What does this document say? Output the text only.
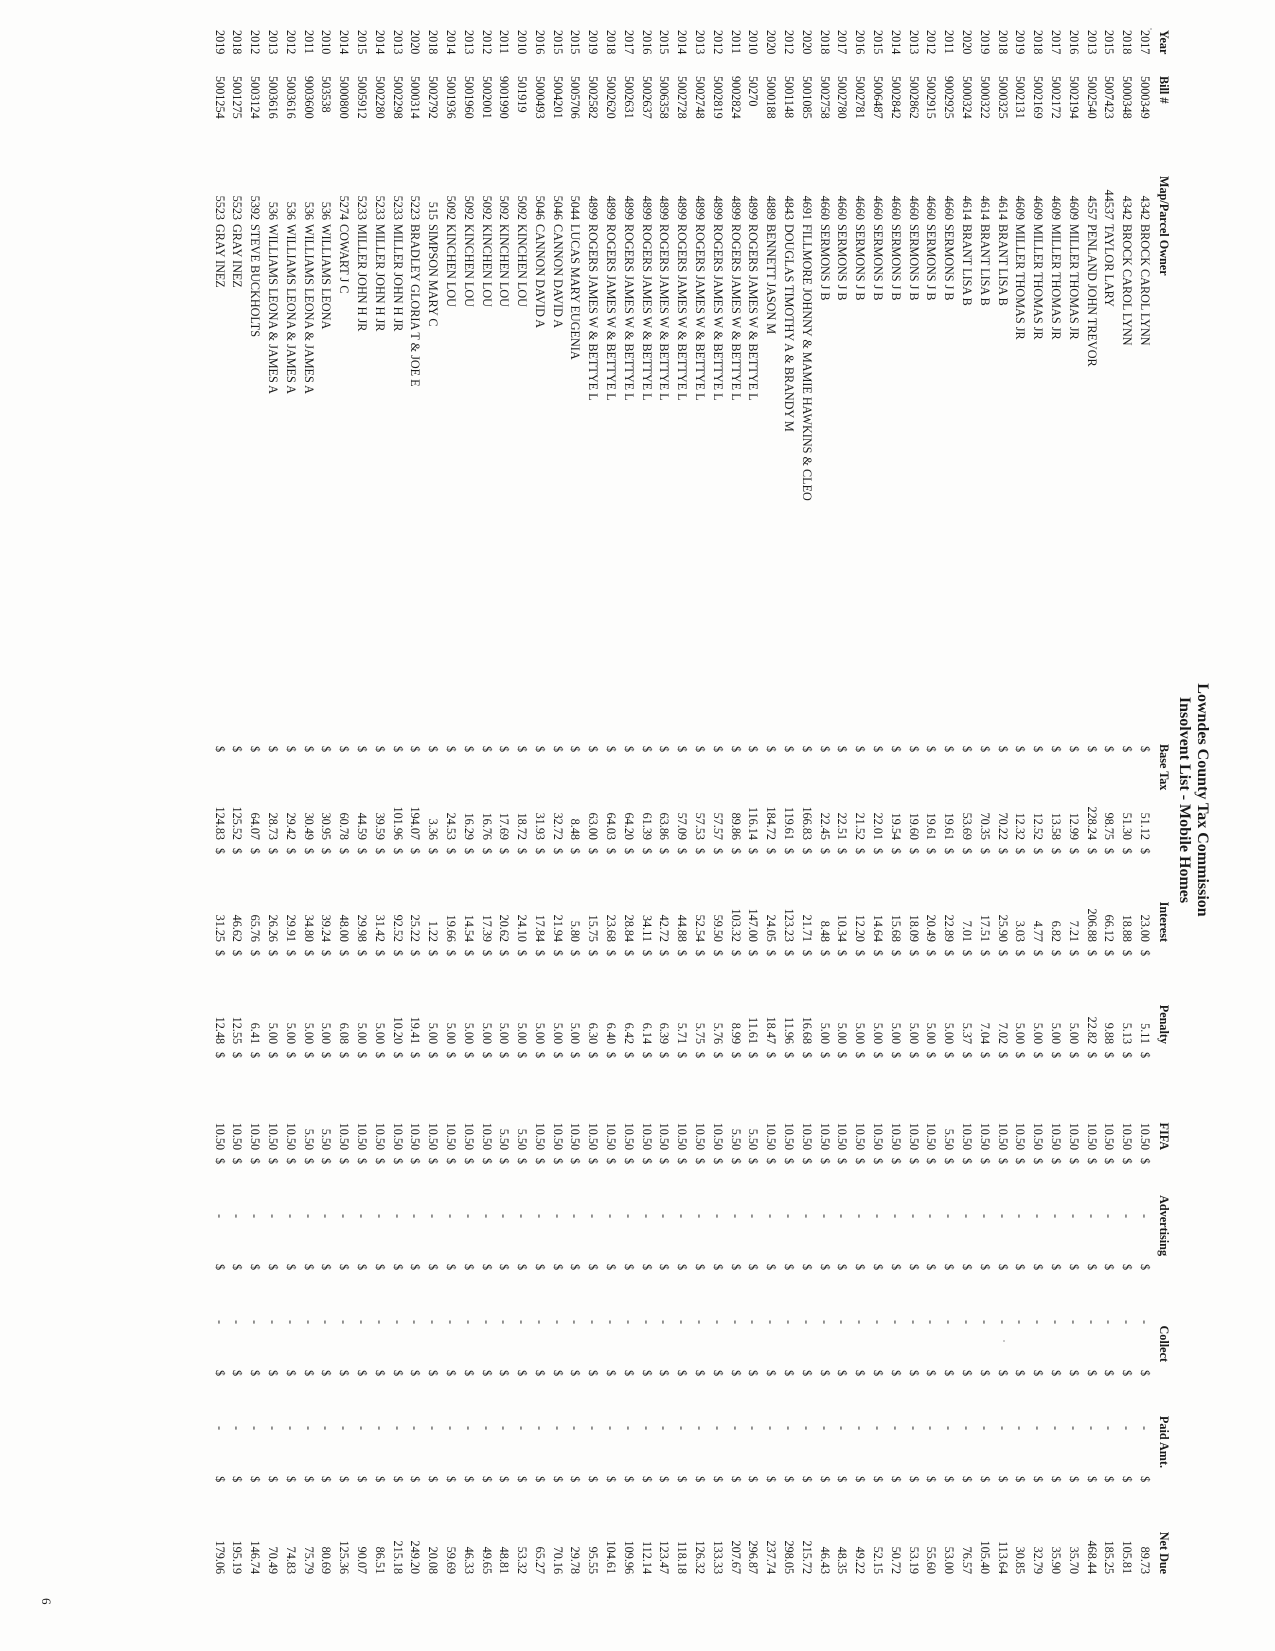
Lowndes County Tax Commission
Insolvent List - Mobile Homes
Year	Bill #	Map/Parcel Owner		Base Tax		Interest		Penalty		FIFA		Advertising		Collect		Paid Amt.		Net Due	
2017	5000349	4342	BROCK CAROL LYNN	$	51.12	$	23.00	$	5.11	$	10.50	$	-	$	-	$	-	$	89.73
2018	5000348	4342	BROCK CAROL LYNN	$	51.30	$	18.88	$	5.13	$	10.50	$	-	$	-	$	-	$	105.81
2015	5007423	44537	TAYLOR LARY	$	98.75	$	66.12	$	9.88	$	10.50	$	-	$	-	$	-	$	185.25
2013	5002540	4557	PENLAND JOHN TREVOR	$	228.24	$	206.88	$	22.82	$	10.50	$	-	$	-	$	-	$	468.44
2016	5002194	4609	MILLER THOMAS JR	$	12.99	$	7.21	$	5.00	$	10.50	$	-	$	-	$	-	$	35.70
2017	5002172	4609	MILLER THOMAS JR	$	13.58	$	6.82	$	5.00	$	10.50	$	-	$	-	$	-	$	35.90
2018	5002169	4609	MILLER THOMAS JR	$	12.52	$	4.77	$	5.00	$	10.50	$	-	$	-	$	-	$	32.79
2019	5002131	4609	MILLER THOMAS JR	$	12.32	$	3.03	$	5.00	$	10.50	$	-	$	-	$	-	$	30.85
2018	5000325	4614	BRANT LISA B	$	70.22	$	25.90	$	7.02	$	10.50	$	-	$	-	$	-	$	113.64
2019	5000322	4614	BRANT LISA B	$	70.35	$	17.51	$	7.04	$	10.50	$	-	$	-	$	-	$	105.40
2020	5000324	4614	BRANT LISA B	$	53.69	$	7.01	$	5.37	$	10.50	$	-	$	-	$	-	$	76.57
2011	9002925	4660	SERMONS J B	$	19.61	$	22.89	$	5.00	$	5.50	$	-	$	-	$	-	$	53.00
2012	5002915	4660	SERMONS J B	$	19.61	$	20.49	$	5.00	$	10.50	$	-	$	-	$	-	$	55.60
2013	5002862	4660	SERMONS J B	$	19.60	$	18.09	$	5.00	$	10.50	$	-	$	-	$	-	$	53.19
2014	5002842	4660	SERMONS J B	$	19.54	$	15.68	$	5.00	$	10.50	$	-	$	-	$	-	$	50.72
2015	5006487	4660	SERMONS J B	$	22.01	$	14.64	$	5.00	$	10.50	$	-	$	-	$	-	$	52.15
2016	5002781	4660	SERMONS J B	$	21.52	$	12.20	$	5.00	$	10.50	$	-	$	-	$	-	$	49.22
2017	5002780	4660	SERMONS J B	$	22.51	$	10.34	$	5.00	$	10.50	$	-	$	-	$	-	$	48.35
2018	5002758	4660	SERMONS J B	$	22.45	$	8.48	$	5.00	$	10.50	$	-	$	-	$	-	$	46.43
2020	5001085	4691	FILLMORE JOHNNY & MAMIE HAWKINS & CLEO	$	166.83	$	21.71	$	16.68	$	10.50	$	-	$	-	$	-	$	215.72
2012	5001148	4843	DOUGLAS TIMOTHY A & BRANDY M	$	119.61	$	123.23	$	11.96	$	10.50	$	-	$	-	$	-	$	298.05
2020	5000188	4889	BENNETT JASON M	$	184.72	$	24.05	$	18.47	$	10.50	$	-	$	-	$	-	$	237.74
2010	50270	4899	ROGERS JAMES W & BETTYE L	$	116.14	$	147.00	$	11.61	$	5.50	$	-	$	-	$	-	$	296.87
2011	9002824	4899	ROGERS JAMES W & BETTYE L	$	89.86	$	103.32	$	8.99	$	5.50	$	-	$	-	$	-	$	207.67
2012	5002819	4899	ROGERS JAMES W & BETTYE L	$	57.57	$	59.50	$	5.76	$	10.50	$	-	$	-	$	-	$	133.33
2013	5002748	4899	ROGERS JAMES W & BETTYE L	$	57.53	$	52.54	$	5.75	$	10.50	$	-	$	-	$	-	$	126.32
2014	5002728	4899	ROGERS JAMES W & BETTYE L	$	57.09	$	44.88	$	5.71	$	10.50	$	-	$	-	$	-	$	118.18
2015	5006358	4899	ROGERS JAMES W & BETTYE L	$	63.86	$	42.72	$	6.39	$	10.50	$	-	$	-	$	-	$	123.47
2016	5002637	4899	ROGERS JAMES W & BETTYE L	$	61.39	$	34.11	$	6.14	$	10.50	$	-	$	-	$	-	$	112.14
2017	5002631	4899	ROGERS JAMES W & BETTYE L	$	64.20	$	28.84	$	6.42	$	10.50	$	-	$	-	$	-	$	109.96
2018	5002620	4899	ROGERS JAMES W & BETTYE L	$	64.03	$	23.68	$	6.40	$	10.50	$	-	$	-	$	-	$	104.61
2019	5002582	4899	ROGERS JAMES W & BETTYE L	$	63.00	$	15.75	$	6.30	$	10.50	$	-	$	-	$	-	$	95.55
2015	5005706	5044	LUCAS MARY EUGENIA	$	8.48	$	5.80	$	5.00	$	10.50	$	-	$	-	$	-	$	29.78
2015	5004201	5046	CANNON DAVID A	$	32.72	$	21.94	$	5.00	$	10.50	$	-	$	-	$	-	$	70.16
2016	5000493	5046	CANNON DAVID A	$	31.93	$	17.84	$	5.00	$	10.50	$	-	$	-	$	-	$	65.27
2010	501919	5092	KINCHEN LOU	$	18.72	$	24.10	$	5.00	$	5.50	$	-	$	-	$	-	$	53.32
2011	9001990	5092	KINCHEN LOU	$	17.69	$	20.62	$	5.00	$	5.50	$	-	$	-	$	-	$	48.81
2012	5002001	5092	KINCHEN LOU	$	16.76	$	17.39	$	5.00	$	10.50	$	-	$	-	$	-	$	49.65
2013	5001960	5092	KINCHEN LOU	$	16.29	$	14.54	$	5.00	$	10.50	$	-	$	-	$	-	$	46.33
2014	5001936	5092	KINCHEN LOU	$	24.53	$	19.66	$	5.00	$	10.50	$	-	$	-	$	-	$	59.69
2018	5002792	515	SIMPSON MARY C	$	3.36	$	1.22	$	5.00	$	10.50	$	-	$	-	$	-	$	20.08
2020	5000314	5223	BRADLEY GLORIA T & JOE E	$	194.07	$	25.22	$	19.41	$	10.50	$	-	$	-	$	-	$	249.20
2013	5002298	5233	MILLER JOHN H JR	$	101.96	$	92.52	$	10.20	$	10.50	$	-	$	-	$	-	$	215.18
2014	5002280	5233	MILLER JOHN H JR	$	39.59	$	31.42	$	5.00	$	10.50	$	-	$	-	$	-	$	86.51
2015	5005912	5233	MILLER JOHN H JR	$	44.59	$	29.98	$	5.00	$	10.50	$	-	$	-	$	-	$	90.07
2014	5000800	5274	COWART J C	$	60.78	$	48.00	$	6.08	$	10.50	$	-	$	-	$	-	$	125.36
2010	503538	536	WILLIAMS LEONA	$	30.95	$	39.24	$	5.00	$	5.50	$	-	$	-	$	-	$	80.69
2011	9003600	536	WILLIAMS LEONA & JAMES A	$	30.49	$	34.80	$	5.00	$	5.50	$	-	$	-	$	-	$	75.79
2012	5003616	536	WILLIAMS LEONA & JAMES A	$	29.42	$	29.91	$	5.00	$	10.50	$	-	$	-	$	-	$	74.83
2013	5003616	536	WILLIAMS LEONA & JAMES A	$	28.73	$	26.26	$	5.00	$	10.50	$	-	$	-	$	-	$	70.49
2012	5003124	5392	STEVE BUCKHOLTS	$	64.07	$	65.76	$	6.41	$	10.50	$	-	$	-	$	-	$	146.74
2018	5001275	5523	GRAY INEZ	$	125.52	$	46.62	$	12.55	$	10.50	$	-	$	-	$	-	$	195.19
2019	5001254	5523	GRAY INEZ	$	124.83	$	31.25	$	12.48	$	10.50	$	-	$	-	$	-	$	179.06
6
